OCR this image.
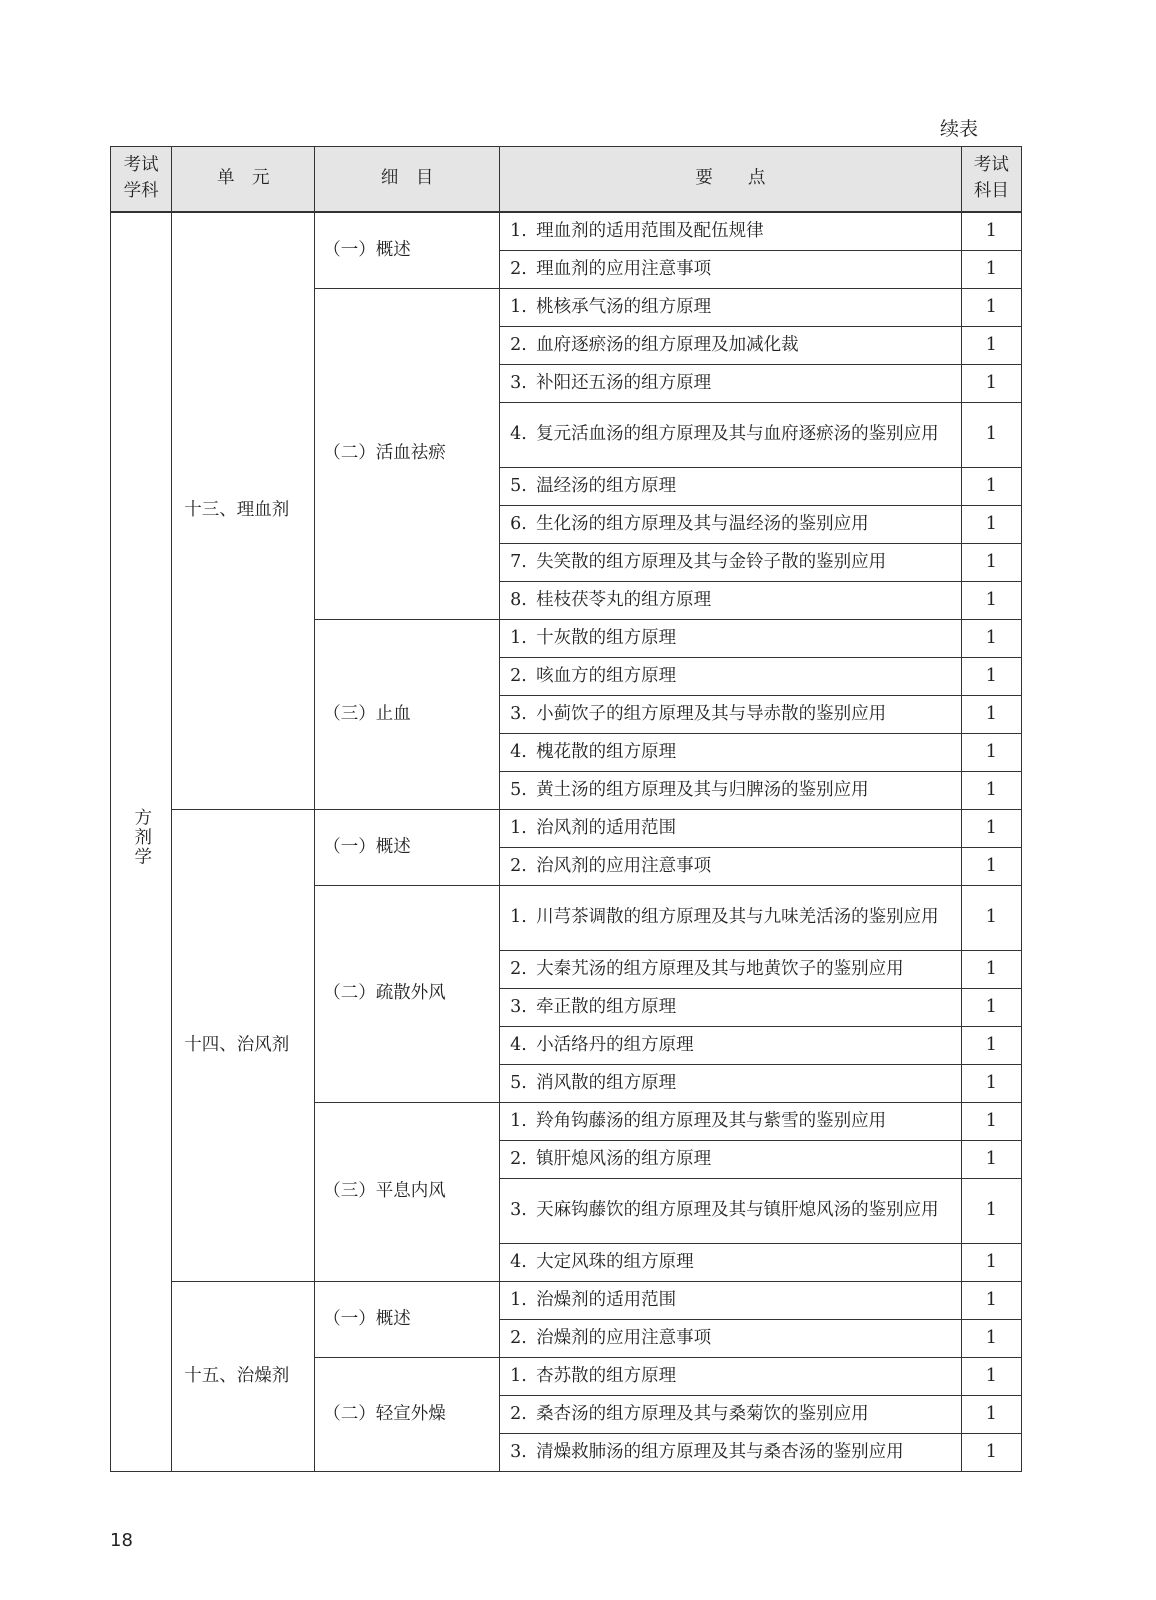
续表
考试学科	单　元	细　目	要　　点	考试科目
方剂学	十三、理血剂	（一）概述	1. 理血剂的适用范围及配伍规律	1

			2. 理血剂的应用注意事项	1
		（二）活血祛瘀	1. 桃核承气汤的组方原理	1

			2. 血府逐瘀汤的组方原理及加减化裁	1

			3. 补阳还五汤的组方原理	1

			4. 复元活血汤的组方原理及其与血府逐瘀汤的鉴别应用	1

			5. 温经汤的组方原理	1

			6. 生化汤的组方原理及其与温经汤的鉴别应用	1

			7. 失笑散的组方原理及其与金铃子散的鉴别应用	1

			8. 桂枝茯苓丸的组方原理	1
		（三）止血	1. 十灰散的组方原理	1

			2. 咳血方的组方原理	1

			3. 小蓟饮子的组方原理及其与导赤散的鉴别应用	1

			4. 槐花散的组方原理	1

			5. 黄土汤的组方原理及其与归脾汤的鉴别应用	1
	十四、治风剂	（一）概述	1. 治风剂的适用范围	1

			2. 治风剂的应用注意事项	1
		（二）疏散外风	1. 川芎茶调散的组方原理及其与九味羌活汤的鉴别应用	1

			2. 大秦艽汤的组方原理及其与地黄饮子的鉴别应用	1

			3. 牵正散的组方原理	1

			4. 小活络丹的组方原理	1

			5. 消风散的组方原理	1
		（三）平息内风	1. 羚角钩藤汤的组方原理及其与紫雪的鉴别应用	1

			2. 镇肝熄风汤的组方原理	1

			3. 天麻钩藤饮的组方原理及其与镇肝熄风汤的鉴别应用	1

			4. 大定风珠的组方原理	1
	十五、治燥剂	（一）概述	1. 治燥剂的适用范围	1

			2. 治燥剂的应用注意事项	1
		（二）轻宣外燥	1. 杏苏散的组方原理	1

			2. 桑杏汤的组方原理及其与桑菊饮的鉴别应用	1

			3. 清燥救肺汤的组方原理及其与桑杏汤的鉴别应用	1
18
